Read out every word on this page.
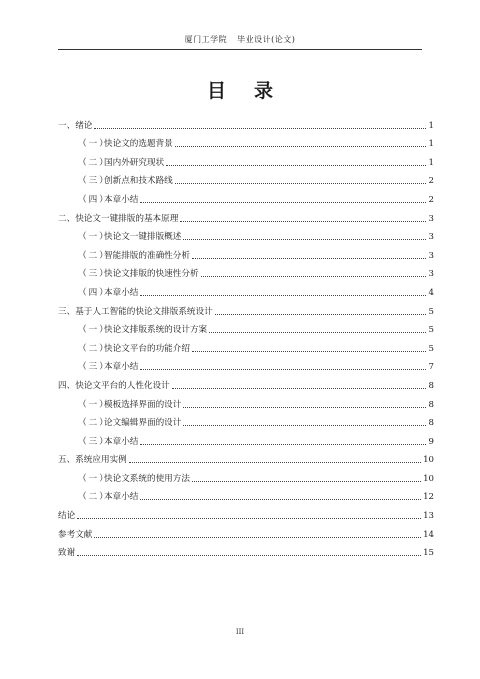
厦门工学院 毕业设计(论文)
目录
一、绪论	1
（一）快论文的选题背景	1
（二）国内外研究现状	1
（三）创新点和技术路线	2
（四）本章小结	2
二、快论文一键排版的基本原理	3
（一）快论文一键排版概述	3
（二）智能排版的准确性分析	3
（三）快论文排版的快速性分析	3
（四）本章小结	4
三、基于人工智能的快论文排版系统设计	5
（一）快论文排版系统的设计方案	5
（二）快论文平台的功能介绍	5
（三）本章小结	7
四、快论文平台的人性化设计	8
（一）模板选择界面的设计	8
（二）论文编辑界面的设计	8
（三）本章小结	9
五、系统应用实例	10
（一）快论文系统的使用方法	10
（二）本章小结	12
结论	13
参考文献	14
致谢	15
III
